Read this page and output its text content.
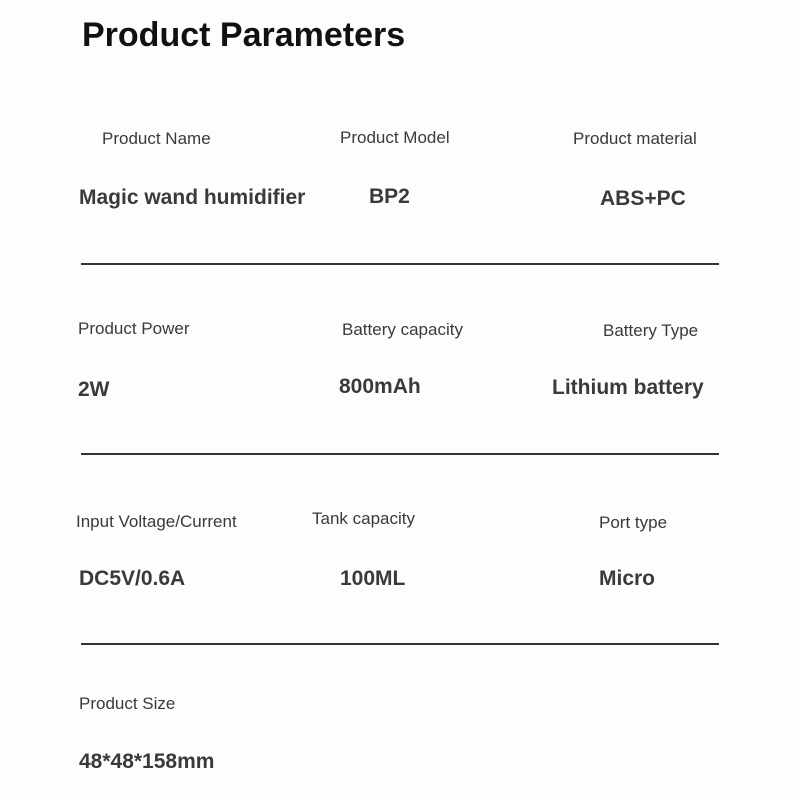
Product Parameters
Product Name
Magic wand humidifier
Product Model
BP2
Product material
ABS+PC
Product Power
2W
Battery capacity
800mAh
Battery Type
Lithium battery
Input Voltage/Current
DC5V/0.6A
Tank capacity
100ML
Port type
Micro
Product Size
48*48*158mm
